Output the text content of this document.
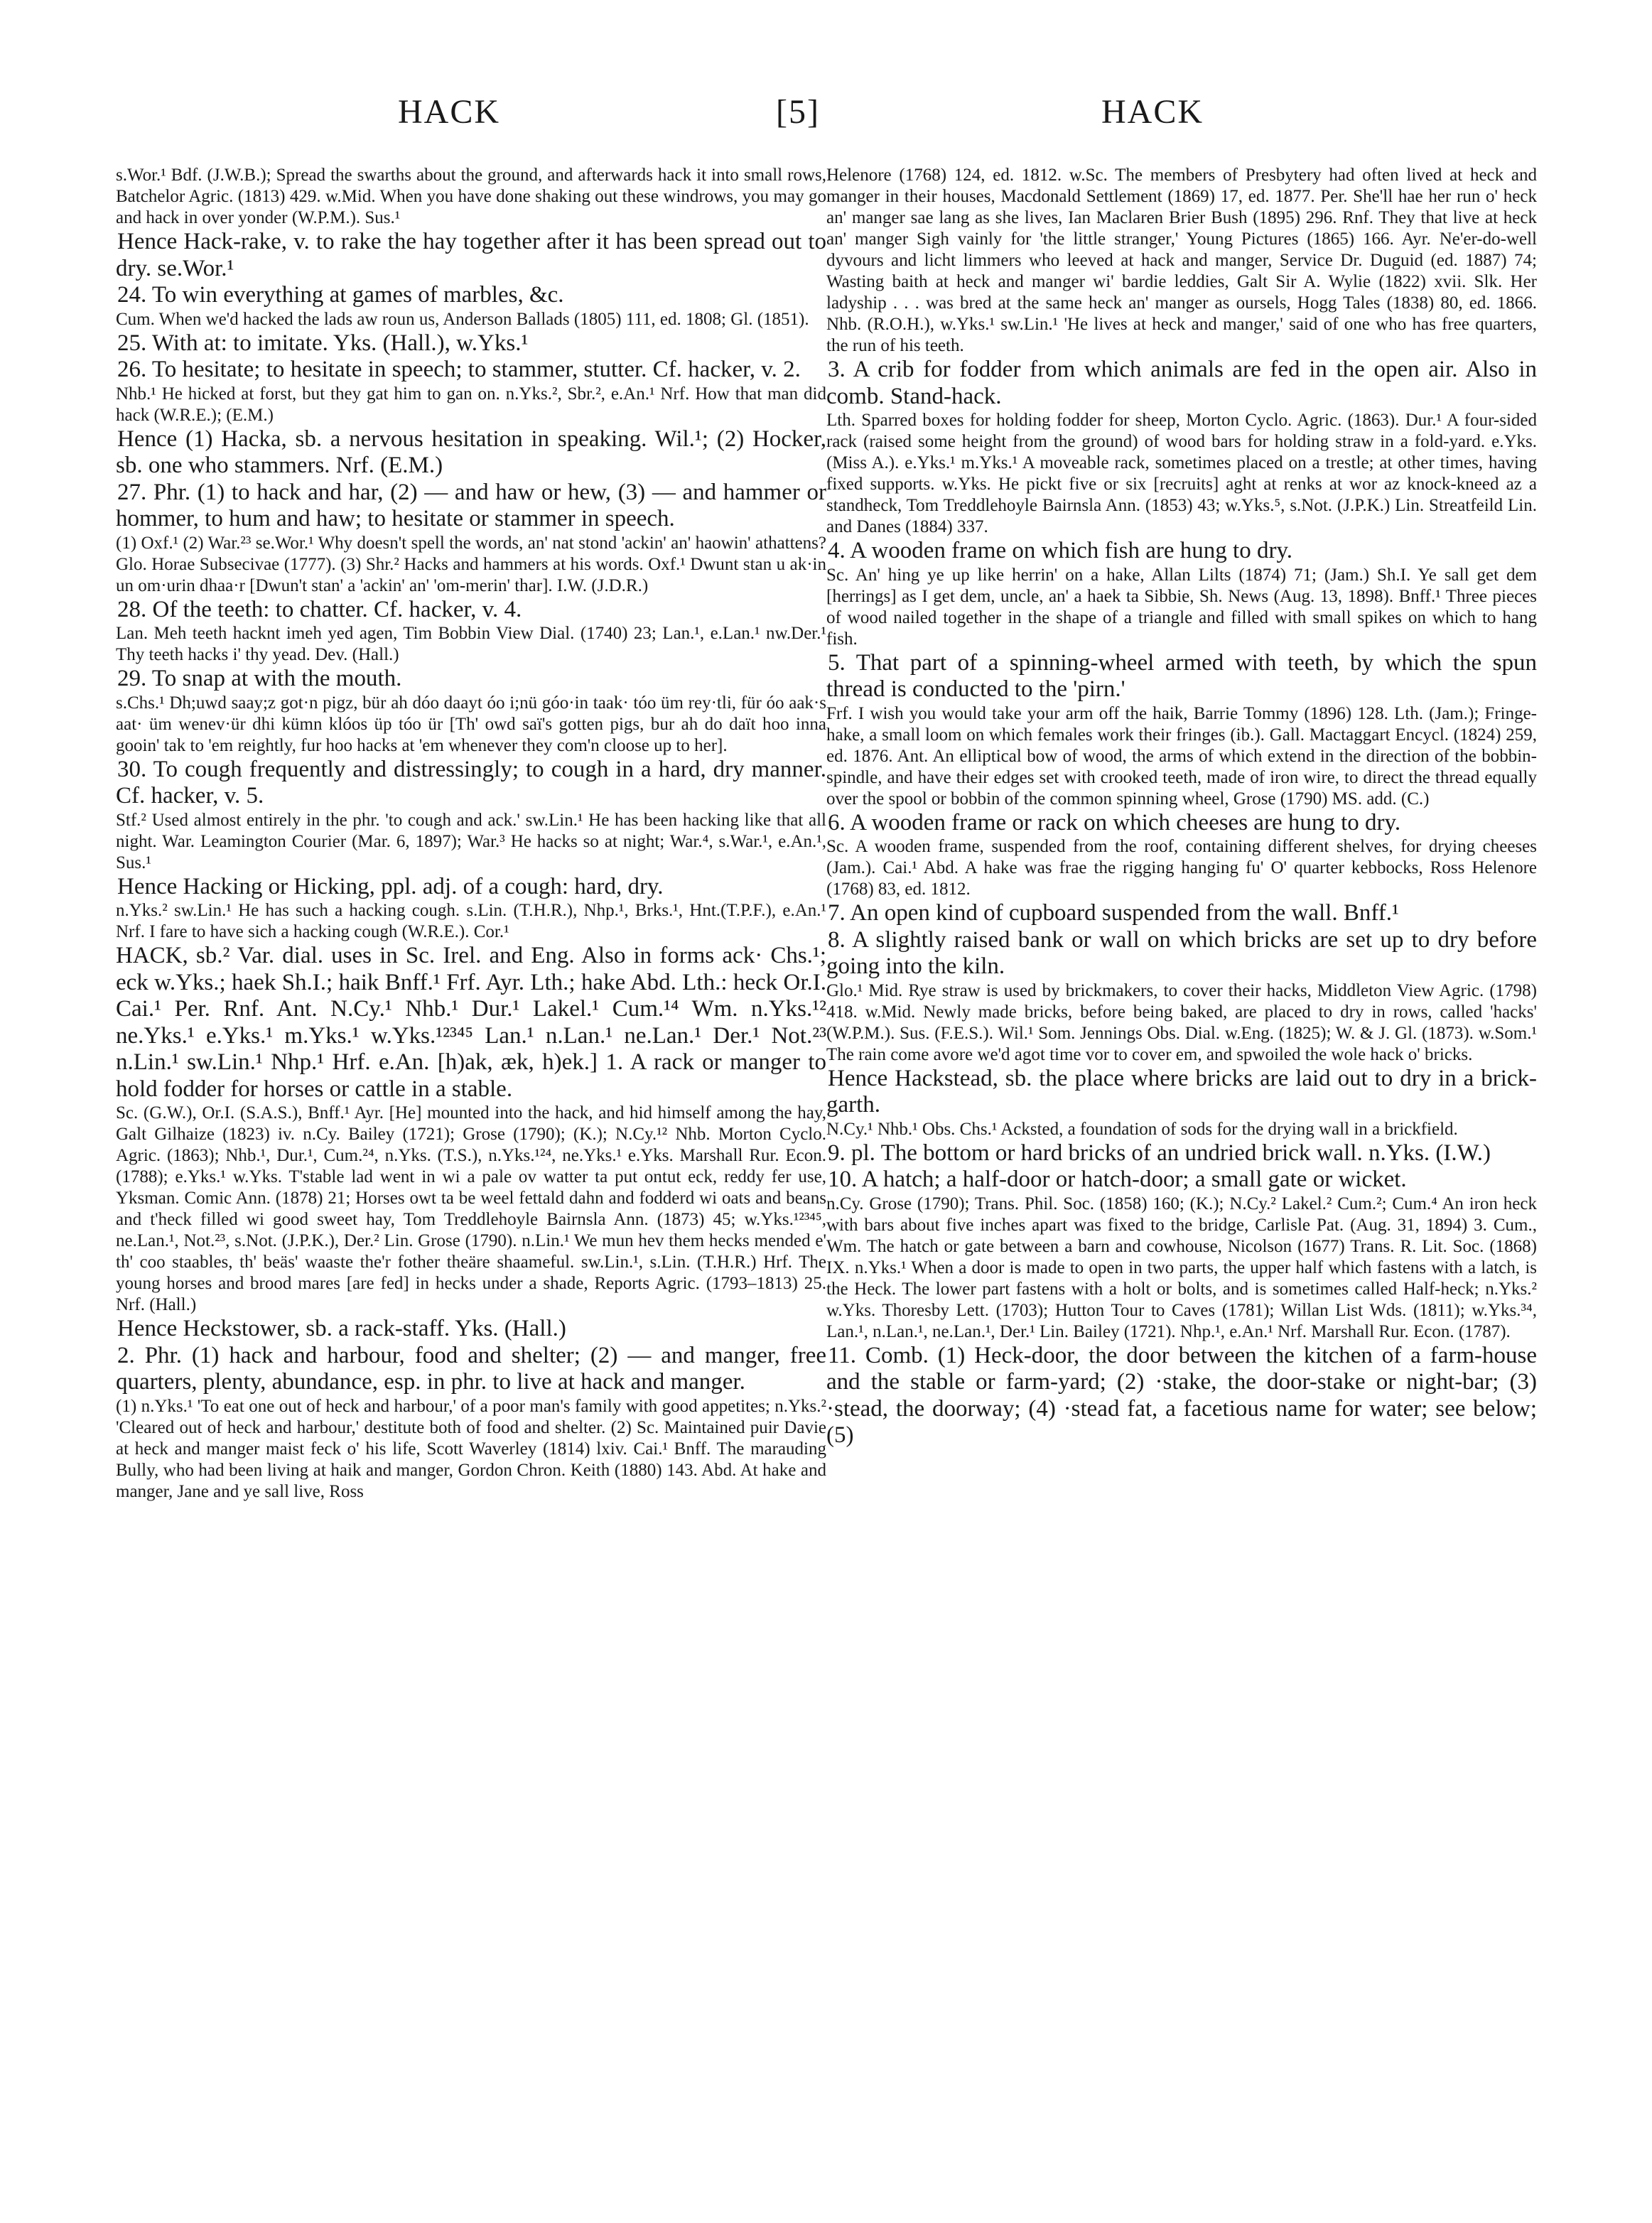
HACK	[5]	HACK

s.Wor.¹ Bdf. (J.W.B.); Spread the swarths about the ground, and afterwards hack it into small rows, Batchelor Agric. (1813) 429. w.Mid. When you have done shaking out these windrows, you may go and hack in over yonder (W.P.M.). Sus.¹

Hence Hack-rake, v. to rake the hay together after it has been spread out to dry. se.Wor.¹

24. To win everything at games of marbles, &c.

Cum. When we'd hacked the lads aw roun us, Anderson Ballads (1805) 111, ed. 1808; Gl. (1851).

25. With at: to imitate. Yks. (Hall.), w.Yks.¹

26. To hesitate; to hesitate in speech; to stammer, stutter. Cf. hacker, v. 2.

Nhb.¹ He hicked at forst, but they gat him to gan on. n.Yks.², Sbr.², e.An.¹ Nrf. How that man did hack (W.R.E.); (E.M.)

Hence (1) Hacka, sb. a nervous hesitation in speaking. Wil.¹; (2) Hocker, sb. one who stammers. Nrf. (E.M.)

27. Phr. (1) to hack and har, (2) — and haw or hew, (3) — and hammer or hommer, to hum and haw; to hesitate or stammer in speech.

(1) Oxf.¹ (2) War.²³ se.Wor.¹ Why doesn't spell the words, an' nat stond 'ackin' an' haowin' athattens? Glo. Horae Subsecivae (1777). (3) Shr.² Hacks and hammers at his words. Oxf.¹ Dwunt stan u ak·in un om·urin dhaa·r [Dwun't stan' a 'ackin' an' 'om-merin' thar]. I.W. (J.D.R.)

28. Of the teeth: to chatter. Cf. hacker, v. 4.

Lan. Meh teeth hacknt imeh yed agen, Tim Bobbin View Dial. (1740) 23; Lan.¹, e.Lan.¹ nw.Der.¹ Thy teeth hacks i' thy yead. Dev. (Hall.)

29. To snap at with the mouth.

s.Chs.¹ Dh;uwd saay;z got·n pigz, bür ah dóo daayt óo i;nü góo·in taak· tóo üm rey·tli, für óo aak·s aat· üm wenev·ür dhi kümn klóos üp tóo ür [Th' owd saï's gotten pigs, bur ah do daït hoo inna gooin' tak to 'em reightly, fur hoo hacks at 'em whenever they com'n cloose up to her].

30. To cough frequently and distressingly; to cough in a hard, dry manner. Cf. hacker, v. 5.

Stf.² Used almost entirely in the phr. 'to cough and ack.' sw.Lin.¹ He has been hacking like that all night. War. Leamington Courier (Mar. 6, 1897); War.³ He hacks so at night; War.⁴, s.War.¹, e.An.¹, Sus.¹

Hence Hacking or Hicking, ppl. adj. of a cough: hard, dry.

n.Yks.² sw.Lin.¹ He has such a hacking cough. s.Lin. (T.H.R.), Nhp.¹, Brks.¹, Hnt.(T.P.F.), e.An.¹ Nrf. I fare to have sich a hacking cough (W.R.E.). Cor.¹

HACK, sb.² Var. dial. uses in Sc. Irel. and Eng. Also in forms ack· Chs.¹; eck w.Yks.; haek Sh.I.; haik Bnff.¹ Frf. Ayr. Lth.; hake Abd. Lth.: heck Or.I. Cai.¹ Per. Rnf. Ant. N.Cy.¹ Nhb.¹ Dur.¹ Lakel.¹ Cum.¹⁴ Wm. n.Yks.¹² ne.Yks.¹ e.Yks.¹ m.Yks.¹ w.Yks.¹²³⁴⁵ Lan.¹ n.Lan.¹ ne.Lan.¹ Der.¹ Not.²³ n.Lin.¹ sw.Lin.¹ Nhp.¹ Hrf. e.An. [h)ak, æk, h)ek.] 1. A rack or manger to hold fodder for horses or cattle in a stable.

Sc. (G.W.), Or.I. (S.A.S.), Bnff.¹ Ayr. [He] mounted into the hack, and hid himself among the hay, Galt Gilhaize (1823) iv. n.Cy. Bailey (1721); Grose (1790); (K.); N.Cy.¹² Nhb. Morton Cyclo. Agric. (1863); Nhb.¹, Dur.¹, Cum.²⁴, n.Yks. (T.S.), n.Yks.¹²⁴, ne.Yks.¹ e.Yks. Marshall Rur. Econ. (1788); e.Yks.¹ w.Yks. T'stable lad went in wi a pale ov watter ta put ontut eck, reddy fer use, Yksman. Comic Ann. (1878) 21; Horses owt ta be weel fettald dahn and fodderd wi oats and beans and t'heck filled wi good sweet hay, Tom Treddlehoyle Bairnsla Ann. (1873) 45; w.Yks.¹²³⁴⁵, ne.Lan.¹, Not.²³, s.Not. (J.P.K.), Der.² Lin. Grose (1790). n.Lin.¹ We mun hev them hecks mended e' th' coo staables, th' beäs' waaste the'r fother theäre shaameful. sw.Lin.¹, s.Lin. (T.H.R.) Hrf. The young horses and brood mares [are fed] in hecks under a shade, Reports Agric. (1793–1813) 25. Nrf. (Hall.)

Hence Heckstower, sb. a rack-staff. Yks. (Hall.)

2. Phr. (1) hack and harbour, food and shelter; (2) — and manger, free quarters, plenty, abundance, esp. in phr. to live at hack and manger.

(1) n.Yks.¹ 'To eat one out of heck and harbour,' of a poor man's family with good appetites; n.Yks.² 'Cleared out of heck and harbour,' destitute both of food and shelter. (2) Sc. Maintained puir Davie at heck and manger maist feck o' his life, Scott Waverley (1814) lxiv. Cai.¹ Bnff. The marauding Bully, who had been living at haik and manger, Gordon Chron. Keith (1880) 143. Abd. At hake and manger, Jane and ye sall live, Ross

Helenore (1768) 124, ed. 1812. w.Sc. The members of Presbytery had often lived at heck and manger in their houses, Macdonald Settlement (1869) 17, ed. 1877. Per. She'll hae her run o' heck an' manger sae lang as she lives, Ian Maclaren Brier Bush (1895) 296. Rnf. They that live at heck an' manger Sigh vainly for 'the little stranger,' Young Pictures (1865) 166. Ayr. Ne'er-do-well dyvours and licht limmers who leeved at hack and manger, Service Dr. Duguid (ed. 1887) 74; Wasting baith at heck and manger wi' bardie leddies, Galt Sir A. Wylie (1822) xvii. Slk. Her ladyship . . . was bred at the same heck an' manger as oursels, Hogg Tales (1838) 80, ed. 1866. Nhb. (R.O.H.), w.Yks.¹ sw.Lin.¹ 'He lives at heck and manger,' said of one who has free quarters, the run of his teeth.

3. A crib for fodder from which animals are fed in the open air. Also in comb. Stand-hack.

Lth. Sparred boxes for holding fodder for sheep, Morton Cyclo. Agric. (1863). Dur.¹ A four-sided rack (raised some height from the ground) of wood bars for holding straw in a fold-yard. e.Yks. (Miss A.). e.Yks.¹ m.Yks.¹ A moveable rack, sometimes placed on a trestle; at other times, having fixed supports. w.Yks. He pickt five or six [recruits] aght at renks at wor az knock-kneed az a standheck, Tom Treddlehoyle Bairnsla Ann. (1853) 43; w.Yks.⁵, s.Not. (J.P.K.) Lin. Streatfeild Lin. and Danes (1884) 337.

4. A wooden frame on which fish are hung to dry.

Sc. An' hing ye up like herrin' on a hake, Allan Lilts (1874) 71; (Jam.) Sh.I. Ye sall get dem [herrings] as I get dem, uncle, an' a haek ta Sibbie, Sh. News (Aug. 13, 1898). Bnff.¹ Three pieces of wood nailed together in the shape of a triangle and filled with small spikes on which to hang fish.

5. That part of a spinning-wheel armed with teeth, by which the spun thread is conducted to the 'pirn.'

Frf. I wish you would take your arm off the haik, Barrie Tommy (1896) 128. Lth. (Jam.); Fringe-hake, a small loom on which females work their fringes (ib.). Gall. Mactaggart Encycl. (1824) 259, ed. 1876. Ant. An elliptical bow of wood, the arms of which extend in the direction of the bobbin-spindle, and have their edges set with crooked teeth, made of iron wire, to direct the thread equally over the spool or bobbin of the common spinning wheel, Grose (1790) MS. add. (C.)

6. A wooden frame or rack on which cheeses are hung to dry.

Sc. A wooden frame, suspended from the roof, containing different shelves, for drying cheeses (Jam.). Cai.¹ Abd. A hake was frae the rigging hanging fu' O' quarter kebbocks, Ross Helenore (1768) 83, ed. 1812.

7. An open kind of cupboard suspended from the wall. Bnff.¹

8. A slightly raised bank or wall on which bricks are set up to dry before going into the kiln.

Glo.¹ Mid. Rye straw is used by brickmakers, to cover their hacks, Middleton View Agric. (1798) 418. w.Mid. Newly made bricks, before being baked, are placed to dry in rows, called 'hacks' (W.P.M.). Sus. (F.E.S.). Wil.¹ Som. Jennings Obs. Dial. w.Eng. (1825); W. & J. Gl. (1873). w.Som.¹ The rain come avore we'd agot time vor to cover em, and spwoiled the wole hack o' bricks.

Hence Hackstead, sb. the place where bricks are laid out to dry in a brick-garth.

N.Cy.¹ Nhb.¹ Obs. Chs.¹ Acksted, a foundation of sods for the drying wall in a brickfield.

9. pl. The bottom or hard bricks of an undried brick wall. n.Yks. (I.W.)

10. A hatch; a half-door or hatch-door; a small gate or wicket.

n.Cy. Grose (1790); Trans. Phil. Soc. (1858) 160; (K.); N.Cy.² Lakel.² Cum.²; Cum.⁴ An iron heck with bars about five inches apart was fixed to the bridge, Carlisle Pat. (Aug. 31, 1894) 3. Cum., Wm. The hatch or gate between a barn and cowhouse, Nicolson (1677) Trans. R. Lit. Soc. (1868) IX. n.Yks.¹ When a door is made to open in two parts, the upper half which fastens with a latch, is the Heck. The lower part fastens with a holt or bolts, and is sometimes called Half-heck; n.Yks.² w.Yks. Thoresby Lett. (1703); Hutton Tour to Caves (1781); Willan List Wds. (1811); w.Yks.³⁴, Lan.¹, n.Lan.¹, ne.Lan.¹, Der.¹ Lin. Bailey (1721). Nhp.¹, e.An.¹ Nrf. Marshall Rur. Econ. (1787).

11. Comb. (1) Heck-door, the door between the kitchen of a farm-house and the stable or farm-yard; (2) ·stake, the door-stake or night-bar; (3) ·stead, the doorway; (4) ·stead fat, a facetious name for water; see below; (5)
